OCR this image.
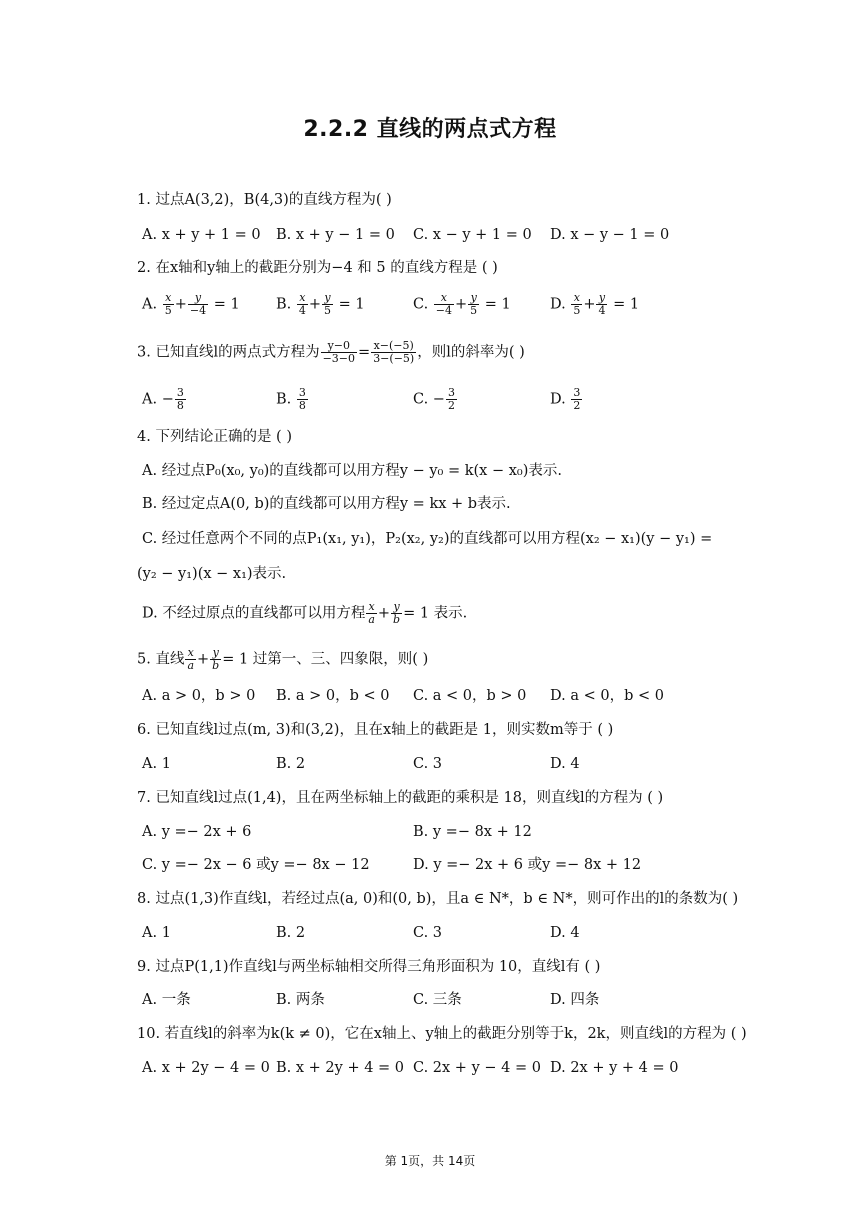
2.2.2 直线的两点式方程
1. 过点A(3,2)，B(4,3)的直线方程为( )
A. x + y + 1 = 0 B. x + y − 1 = 0 C. x − y + 1 = 0 D. x − y − 1 = 0
2. 在x轴和y轴上的截距分别为−4 和 5 的直线方程是 ( )
A. $\frac{x}{5} + \frac{y}{-4} = 1$	B. $\frac{x}{4} + \frac{y}{5} = 1$	C. $\frac{x}{-4} + \frac{y}{5} = 1$	D. $\frac{x}{5} + \frac{y}{4} = 1$
3. 已知直线l的两点式方程为 $\frac{y-0}{-3-0} = \frac{x-(-5)}{3-(-5)}$ ，则l的斜率为( )
A. − $\frac{3}{8}$	B. $\frac{3}{8}$	C. − $\frac{3}{2}$	D. $\frac{3}{2}$
4. 下列结论正确的是 ( )
A. 经过点P₀(x₀, y₀)的直线都可以用方程y − y₀ = k(x − x₀)表示.
B. 经过定点A(0, b)的直线都可以用方程y = kx + b表示.
C. 经过任意两个不同的点P₁(x₁, y₁)，P₂(x₂, y₂)的直线都可以用方程(x₂ − x₁)(y − y₁) =
(y₂ − y₁)(x − x₁)表示.
D. 不经过原点的直线都可以用方程 $\frac{x}{a} + \frac{y}{b} = 1$ 表示.
5. 直线 $\frac{x}{a} + \frac{y}{b} = 1$ 过第一、三、四象限，则( )
A. a > 0，b > 0 B. a > 0，b < 0 C. a < 0，b > 0 D. a < 0，b < 0
6. 已知直线l过点(m, 3)和(3,2)，且在x轴上的截距是 1，则实数m等于 ( )
A. 1	B. 2	C. 3	D. 4
7. 已知直线l过点(1,4)，且在两坐标轴上的截距的乘积是 18，则直线l的方程为 ( )
A. y =− 2x + 6	B. y =− 8x + 12
C. y =− 2x − 6 或y =− 8x − 12	D. y =− 2x + 6 或y =− 8x + 12
8. 过点(1,3)作直线l，若经过点(a, 0)和(0, b)，且a ∈ N*，b ∈ N*，则可作出的l的条数为( )
A. 1	B. 2	C. 3	D. 4
9. 过点P(1,1)作直线l与两坐标轴相交所得三角形面积为 10，直线l有 ( )
A. 一条	B. 两条	C. 三条	D. 四条
10. 若直线l的斜率为k(k ≠ 0)，它在x轴上、y轴上的截距分别等于k，2k，则直线l的方程为 ( )
A. x + 2y − 4 = 0 B. x + 2y + 4 = 0 C. 2x + y − 4 = 0 D. 2x + y + 4 = 0
第 1页，共 14页
